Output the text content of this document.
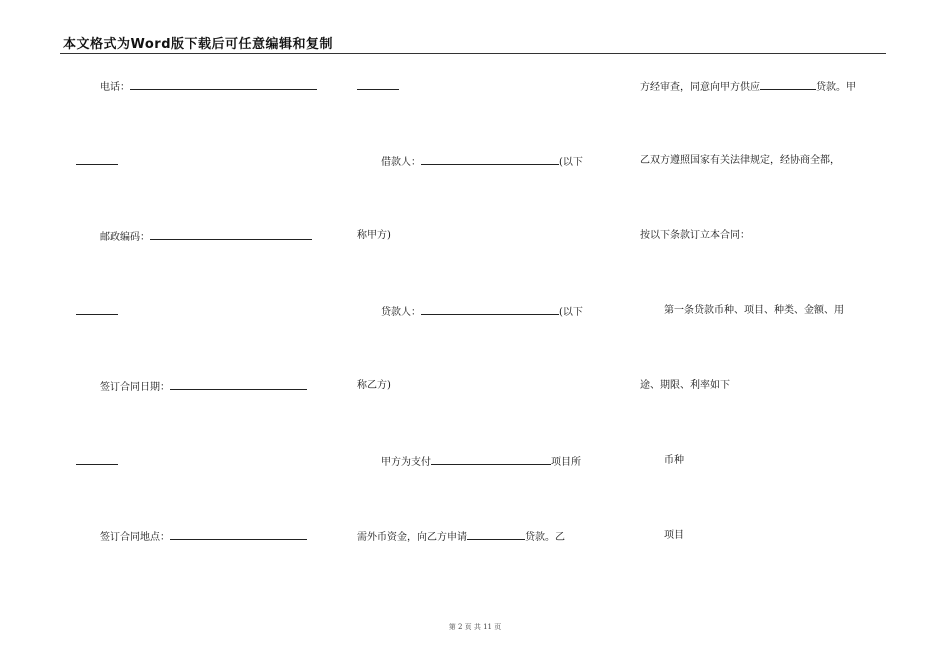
本文格式为Word版下载后可任意编辑和复制
电话：
邮政编码：
签订合同日期：
签订合同地点：
借款人：	(以下
称甲方)
贷款人：	(以下
称乙方)
甲方为支付	项目所
需外币资金，向乙方申请	贷款。乙
方经审查，同意向甲方供应	贷款。甲
乙双方遵照国家有关法律规定，经协商全都，
按以下条款订立本合同：
第一条贷款币种、项目、种类、金额、用
途、期限、利率如下
币种
项目
第 2 页 共 11 页
